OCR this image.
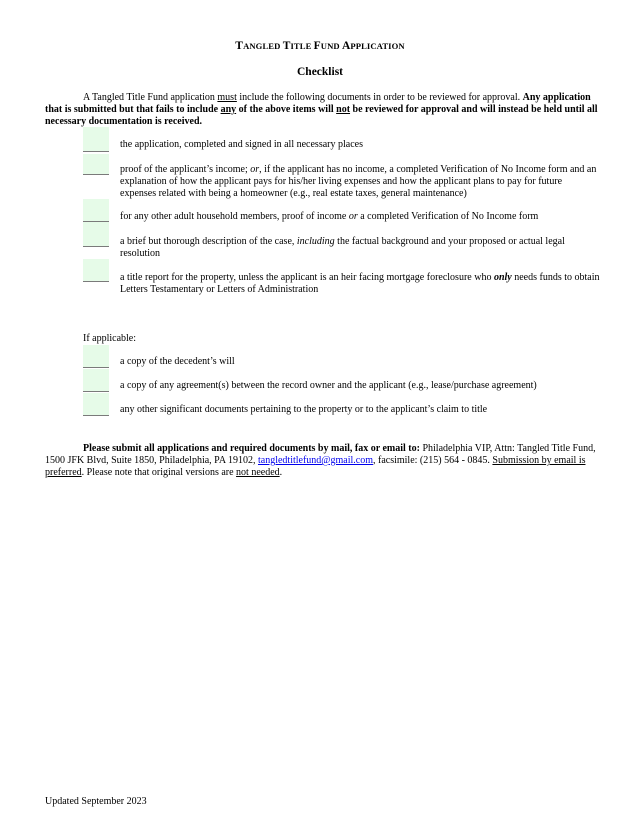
TANGLED TITLE FUND APPLICATION
Checklist
A Tangled Title Fund application must include the following documents in order to be reviewed for approval. Any application that is submitted but that fails to include any of the above items will not be reviewed for approval and will instead be held until all necessary documentation is received.
the application, completed and signed in all necessary places
proof of the applicant’s income; or, if the applicant has no income, a completed Verification of No Income form and an explanation of how the applicant pays for his/her living expenses and how the applicant plans to pay for future expenses related with being a homeowner (e.g., real estate taxes, general maintenance)
for any other adult household members, proof of income or a completed Verification of No Income form
a brief but thorough description of the case, including the factual background and your proposed or actual legal resolution
a title report for the property, unless the applicant is an heir facing mortgage foreclosure who only needs funds to obtain Letters Testamentary or Letters of Administration
If applicable:
a copy of the decedent’s will
a copy of any agreement(s) between the record owner and the applicant (e.g., lease/purchase agreement)
any other significant documents pertaining to the property or to the applicant’s claim to title
Please submit all applications and required documents by mail, fax or email to: Philadelphia VIP, Attn: Tangled Title Fund, 1500 JFK Blvd, Suite 1850, Philadelphia, PA 19102, tangledtitlefund@gmail.com, facsimile: (215) 564 - 0845. Submission by email is preferred. Please note that original versions are not needed.
Updated September 2023
